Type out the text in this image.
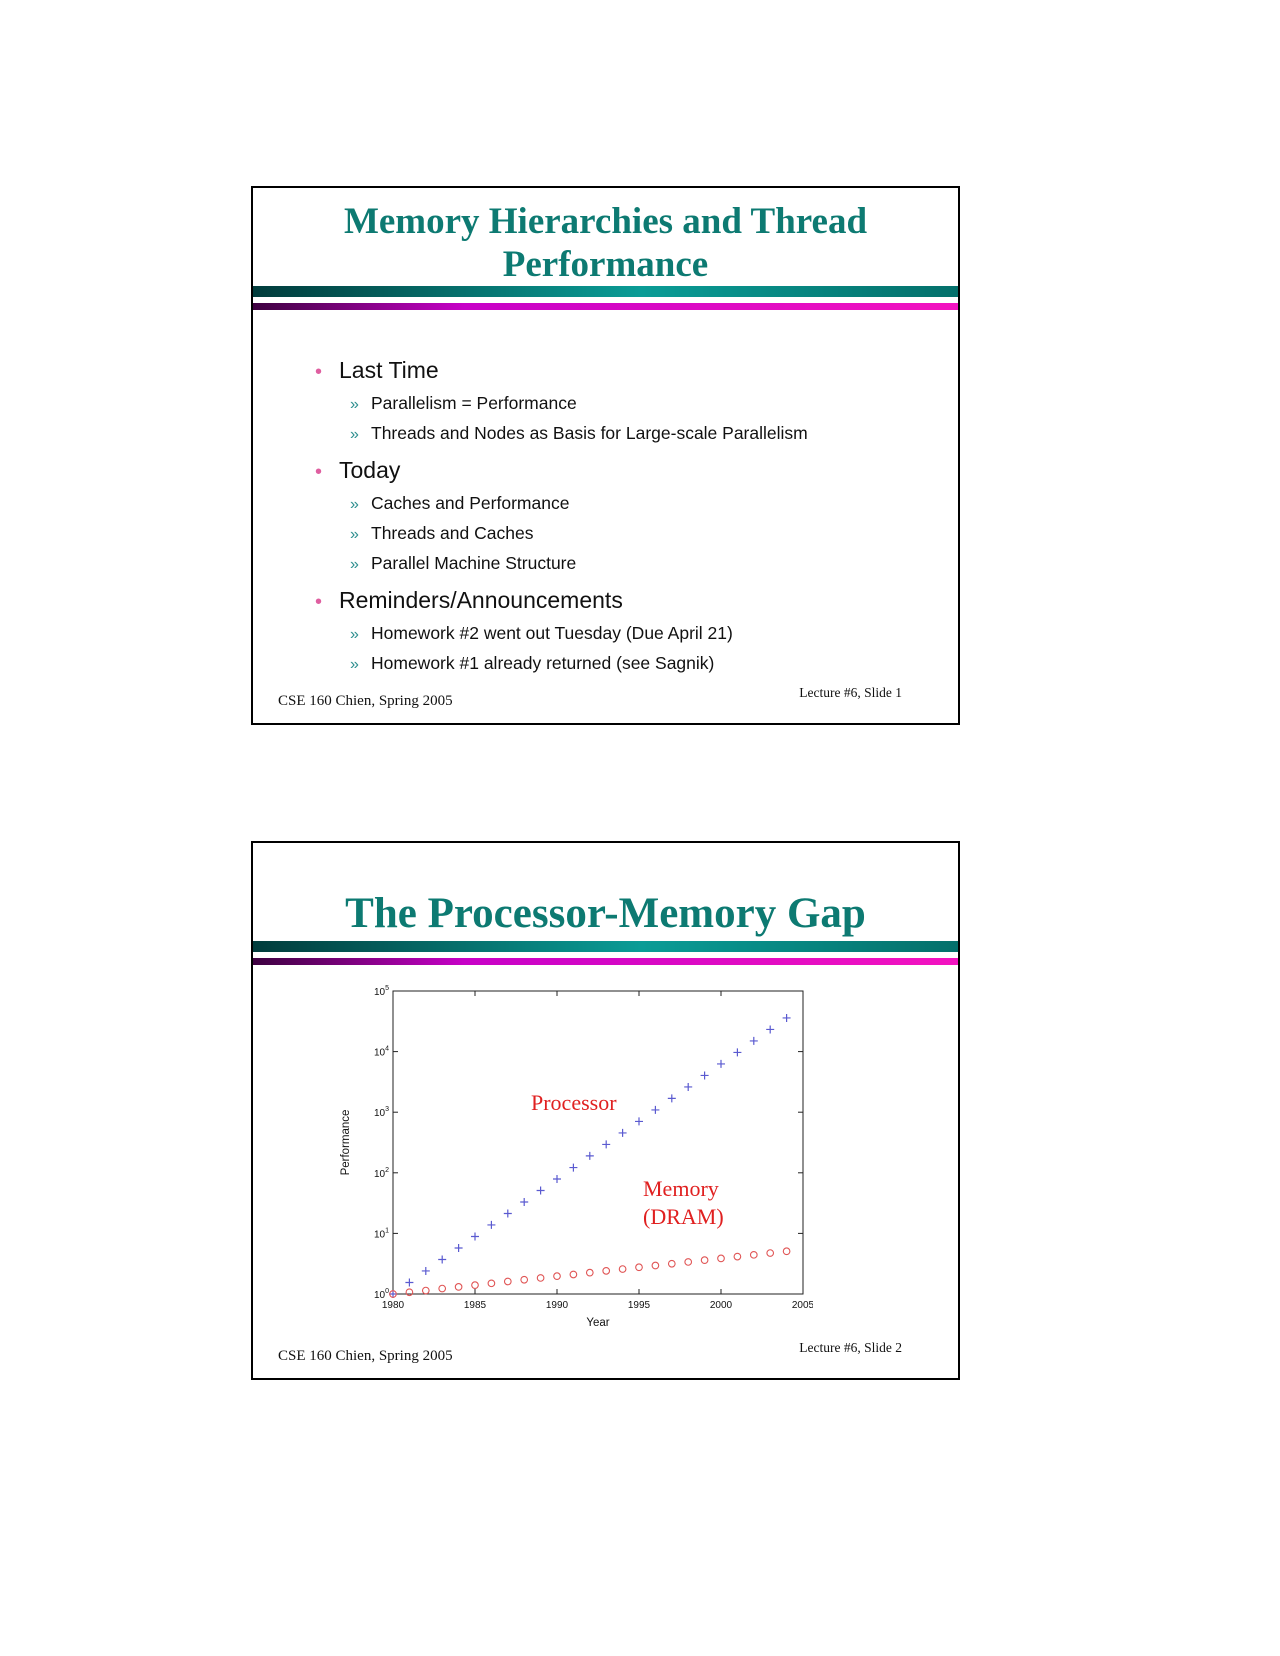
Memory Hierarchies and Thread
Performance
• Last Time
» Parallelism = Performance
» Threads and Nodes as Basis for Large-scale Parallelism
• Today
» Caches and Performance
» Threads and Caches
» Parallel Machine Structure
• Reminders/Announcements
» Homework #2 went out Tuesday (Due April 21)
» Homework #1 already returned (see Sagnik)
CSE 160 Chien, Spring 2005
Lecture #6, Slide 1
The Processor-Memory Gap
1980	1985	1990	1995	2000	2005
$10^0$
$10^1$
$10^2$
$10^3$
$10^4$
$10^5$
Performance
Year
Processor
Memory
(DRAM)
CSE 160 Chien, Spring 2005
Lecture #6, Slide 2
